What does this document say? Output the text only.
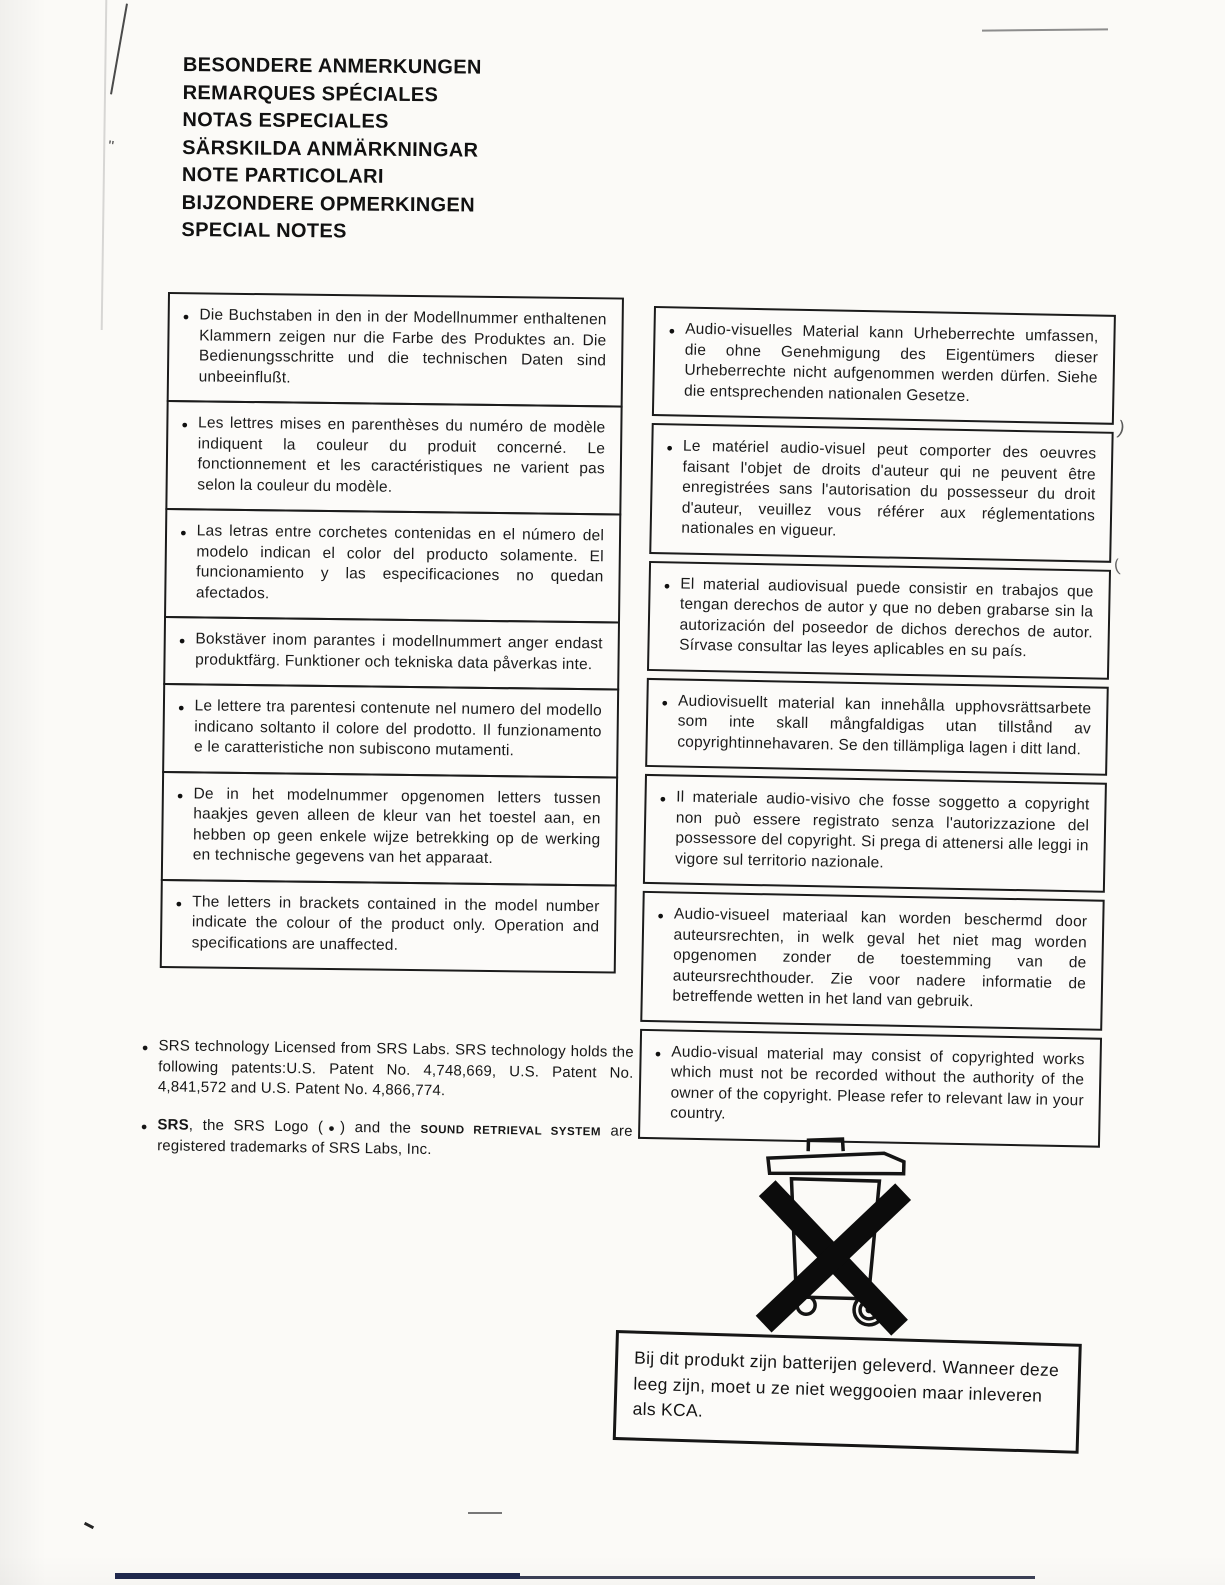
''
)
(
BESONDERE ANMERKUNGEN
REMARQUES SPÉCIALES
NOTAS ESPECIALES
SÄRSKILDA ANMÄRKNINGAR
NOTE PARTICOLARI
BIJZONDERE OPMERKINGEN
SPECIAL NOTES
● Die Buchstaben in den in der Modellnummer enthaltenen Klammern zeigen nur die Farbe des Produktes an. Die Bedienungsschritte und die technischen Daten sind unbeeinflußt.

● Les lettres mises en parenthèses du numéro de modèle indiquent la couleur du produit concerné. Le fonctionnement et les caractéristiques ne varient pas selon la couleur du modèle.

● Las letras entre corchetes contenidas en el número del modelo indican el color del producto solamente. El funcionamiento y las especificaciones no quedan afectados.

● Bokstäver inom parantes i modellnummert anger endast produktfärg. Funktioner och tekniska data påverkas inte.

● Le lettere tra parentesi contenute nel numero del modello indicano soltanto il colore del prodotto. Il funzionamento e le caratteristiche non subiscono mutamenti.

● De in het modelnummer opgenomen letters tussen haakjes geven alleen de kleur van het toestel aan, en hebben op geen enkele wijze betrekking op de werking en technische gegevens van het apparaat.

● The letters in brackets contained in the model number indicate the colour of the product only. Operation and specifications are unaffected.

● Audio-visuelles Material kann Urheberrechte umfassen, die ohne Genehmigung des Eigentümers dieser Urheberrechte nicht aufgenommen werden dürfen. Siehe die entsprechenden nationalen Gesetze.

● Le matériel audio-visuel peut comporter des oeuvres faisant l'objet de droits d'auteur qui ne peuvent être enregistrées sans l'autorisation du possesseur du droit d'auteur, veuillez vous référer aux réglementations nationales en vigueur.

● El material audiovisual puede consistir en trabajos que tengan derechos de autor y que no deben grabarse sin la autorización del poseedor de dichos derechos de autor. Sírvase consultar las leyes aplicables en su país.

● Audiovisuellt material kan innehålla upphovsrättsarbete som inte skall mångfaldigas utan tillstånd av copyrightinnehavaren. Se den tillämpliga lagen i ditt land.

● Il materiale audio-visivo che fosse soggetto a copyright non può essere registrato senza l'autorizzazione del possessore del copyright. Si prega di attenersi alle leggi in vigore sul territorio nazionale.

● Audio-visueel materiaal kan worden beschermd door auteursrechten, in welk geval het niet mag worden opgenomen zonder de toestemming van de auteursrechthouder. Zie voor nadere informatie de betreffende wetten in het land van gebruik.

● Audio-visual material may consist of copyrighted works which must not be recorded without the authority of the owner of the copyright. Please refer to relevant law in your country.

● SRS technology Licensed from SRS Labs. SRS technology holds the following patents:U.S. Patent No. 4,748,669, U.S. Patent No. 4,841,572 and U.S. Patent No. 4,866,774.

● SRS, the SRS Logo (●) and the SOUND RETRIEVAL SYSTEM are registered trademarks of SRS Labs, Inc.

Bij dit produkt zijn batterijen geleverd. Wanneer deze leeg zijn, moet u ze niet weggooien maar inleveren als KCA.
